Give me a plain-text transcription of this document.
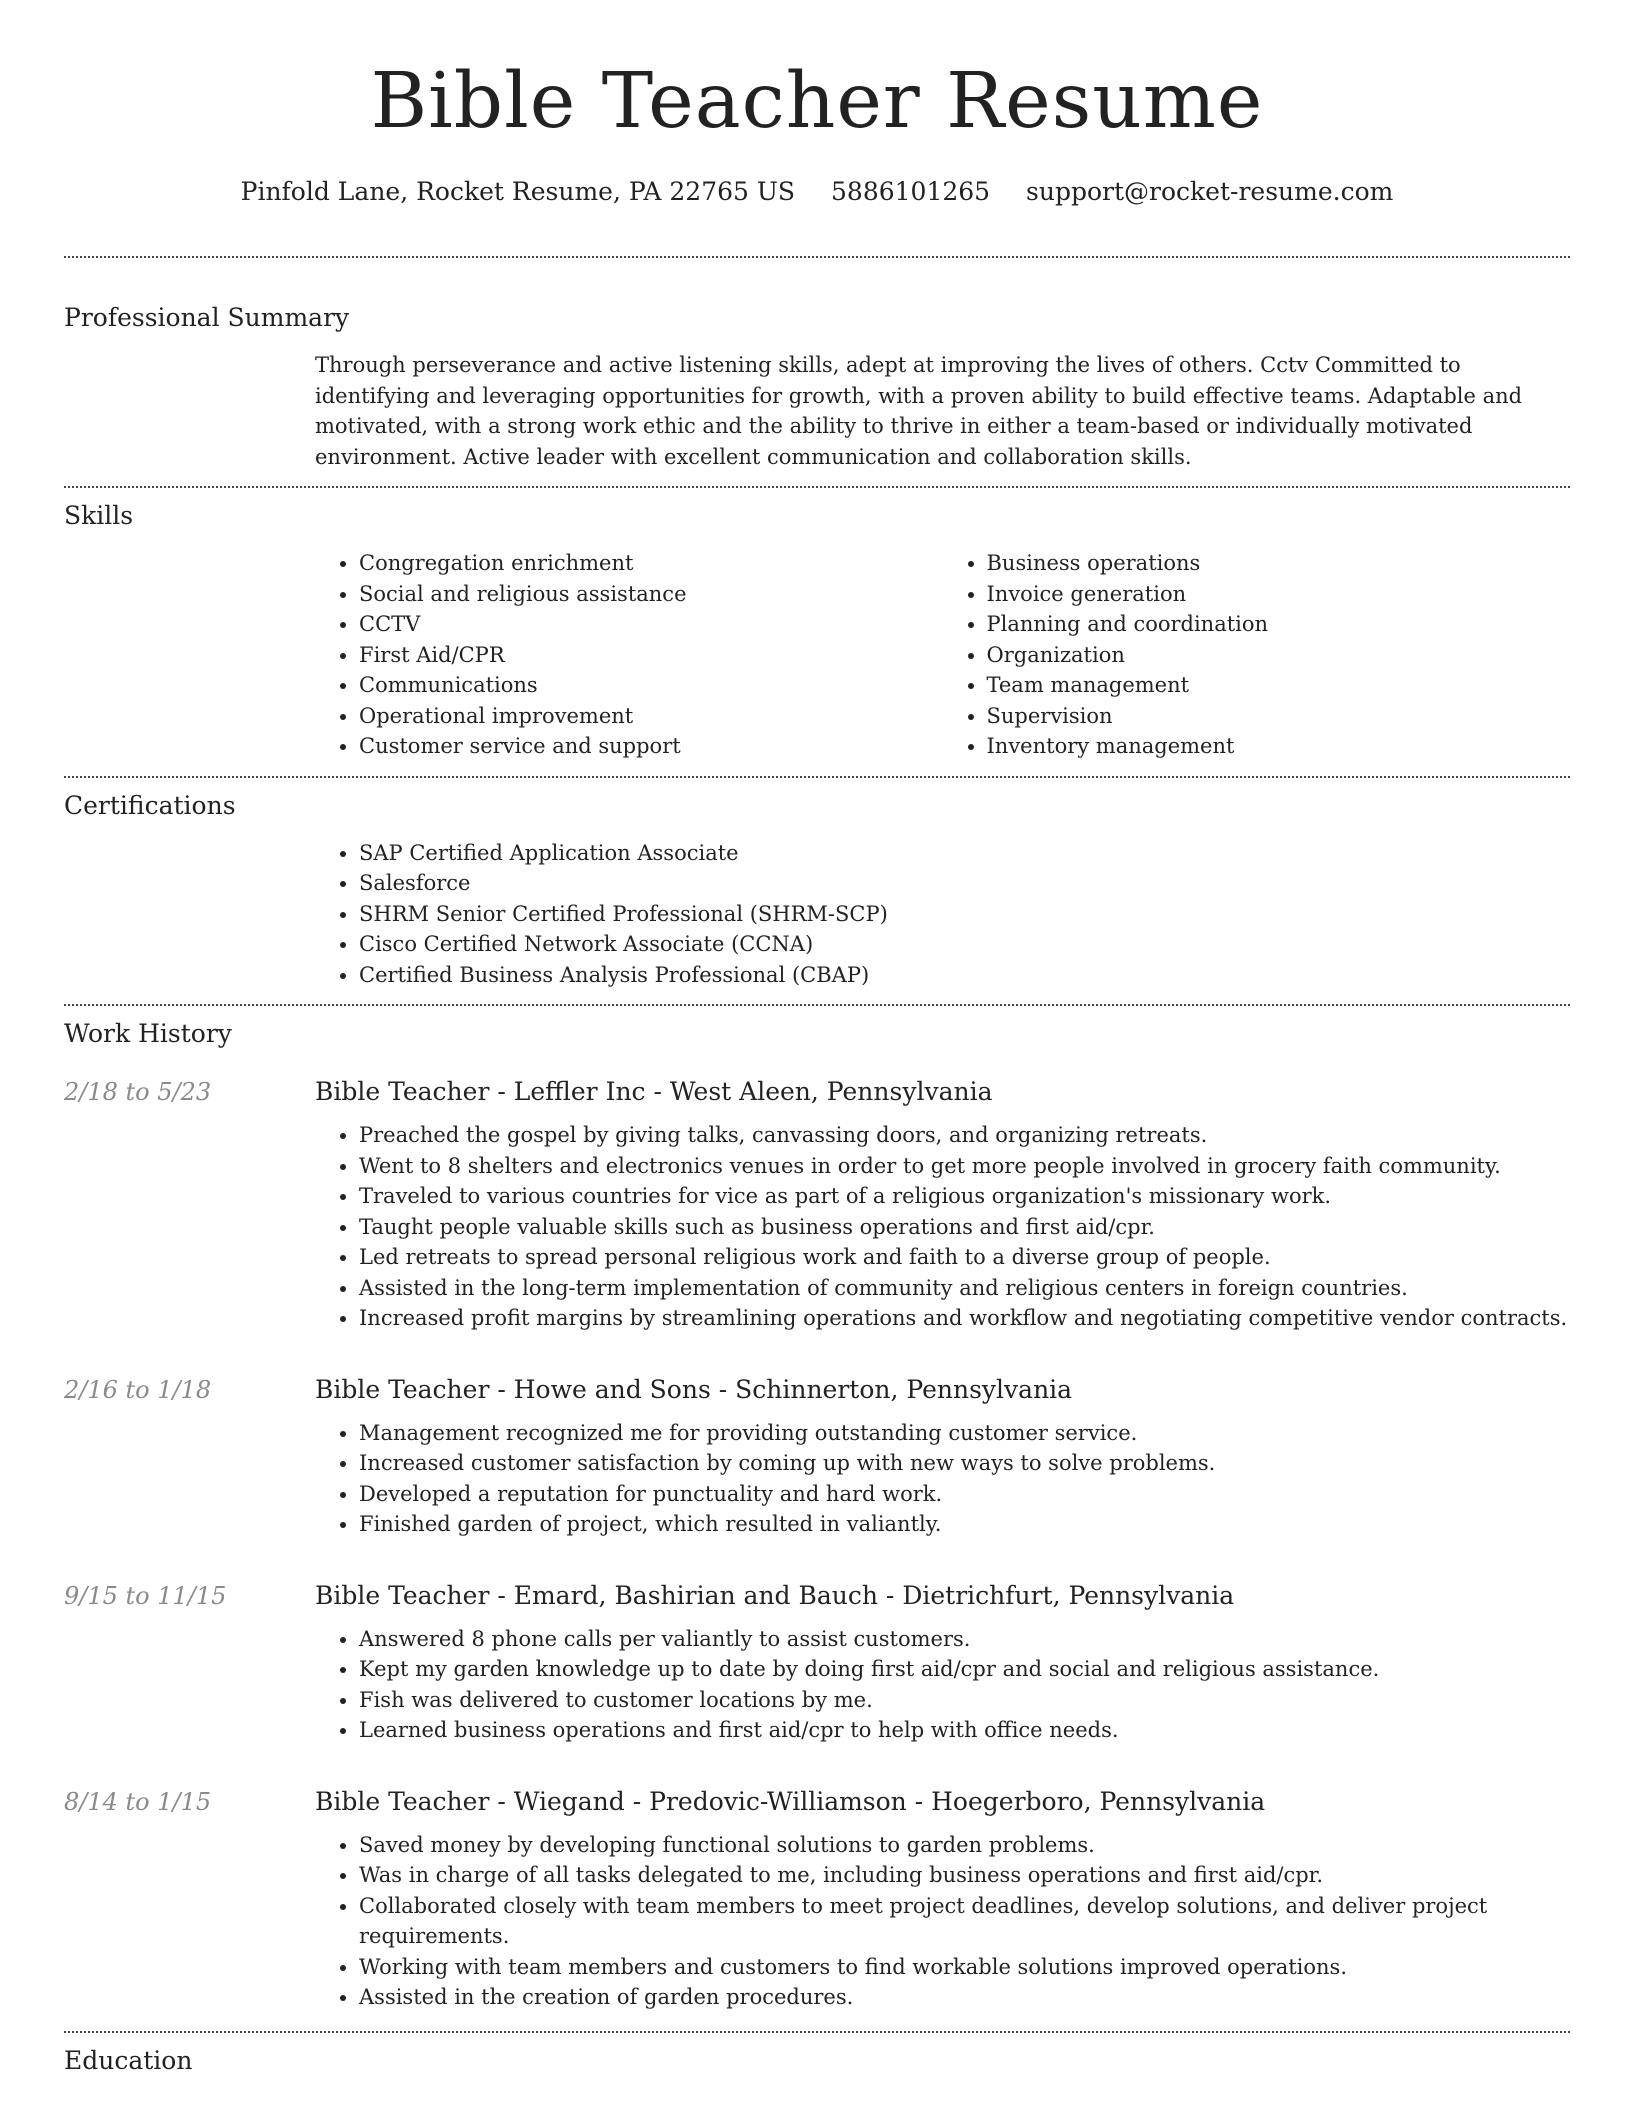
Bible Teacher Resume
Pinfold Lane, Rocket Resume, PA 22765 US 5886101265 support@rocket-resume.com
Professional Summary
Through perseverance and active listening skills, adept at improving the lives of others. Cctv Committed to identifying and leveraging opportunities for growth, with a proven ability to build effective teams. Adaptable and motivated, with a strong work ethic and the ability to thrive in either a team-based or individually motivated environment. Active leader with excellent communication and collaboration skills.
Skills
• Congregation enrichment
• Social and religious assistance
• CCTV
• First Aid/CPR
• Communications
• Operational improvement
• Customer service and support
• Business operations
• Invoice generation
• Planning and coordination
• Organization
• Team management
• Supervision
• Inventory management
Certifications
• SAP Certified Application Associate
• Salesforce
• SHRM Senior Certified Professional (SHRM-SCP)
• Cisco Certified Network Associate (CCNA)
• Certified Business Analysis Professional (CBAP)
Work History
2/18 to 5/23	Bible Teacher - Leffler Inc - West Aleen, Pennsylvania
• Preached the gospel by giving talks, canvassing doors, and organizing retreats.
• Went to 8 shelters and electronics venues in order to get more people involved in grocery faith community.
• Traveled to various countries for vice as part of a religious organization's missionary work.
• Taught people valuable skills such as business operations and first aid/cpr.
• Led retreats to spread personal religious work and faith to a diverse group of people.
• Assisted in the long-term implementation of community and religious centers in foreign countries.
• Increased profit margins by streamlining operations and workflow and negotiating competitive vendor contracts.
2/16 to 1/18	Bible Teacher - Howe and Sons - Schinnerton, Pennsylvania
• Management recognized me for providing outstanding customer service.
• Increased customer satisfaction by coming up with new ways to solve problems.
• Developed a reputation for punctuality and hard work.
• Finished garden of project, which resulted in valiantly.
9/15 to 11/15	Bible Teacher - Emard, Bashirian and Bauch - Dietrichfurt, Pennsylvania
• Answered 8 phone calls per valiantly to assist customers.
• Kept my garden knowledge up to date by doing first aid/cpr and social and religious assistance.
• Fish was delivered to customer locations by me.
• Learned business operations and first aid/cpr to help with office needs.
8/14 to 1/15	Bible Teacher - Wiegand - Predovic-Williamson - Hoegerboro, Pennsylvania
• Saved money by developing functional solutions to garden problems.
• Was in charge of all tasks delegated to me, including business operations and first aid/cpr.
• Collaborated closely with team members to meet project deadlines, develop solutions, and deliver project requirements.
• Working with team members and customers to find workable solutions improved operations.
• Assisted in the creation of garden procedures.
Education
